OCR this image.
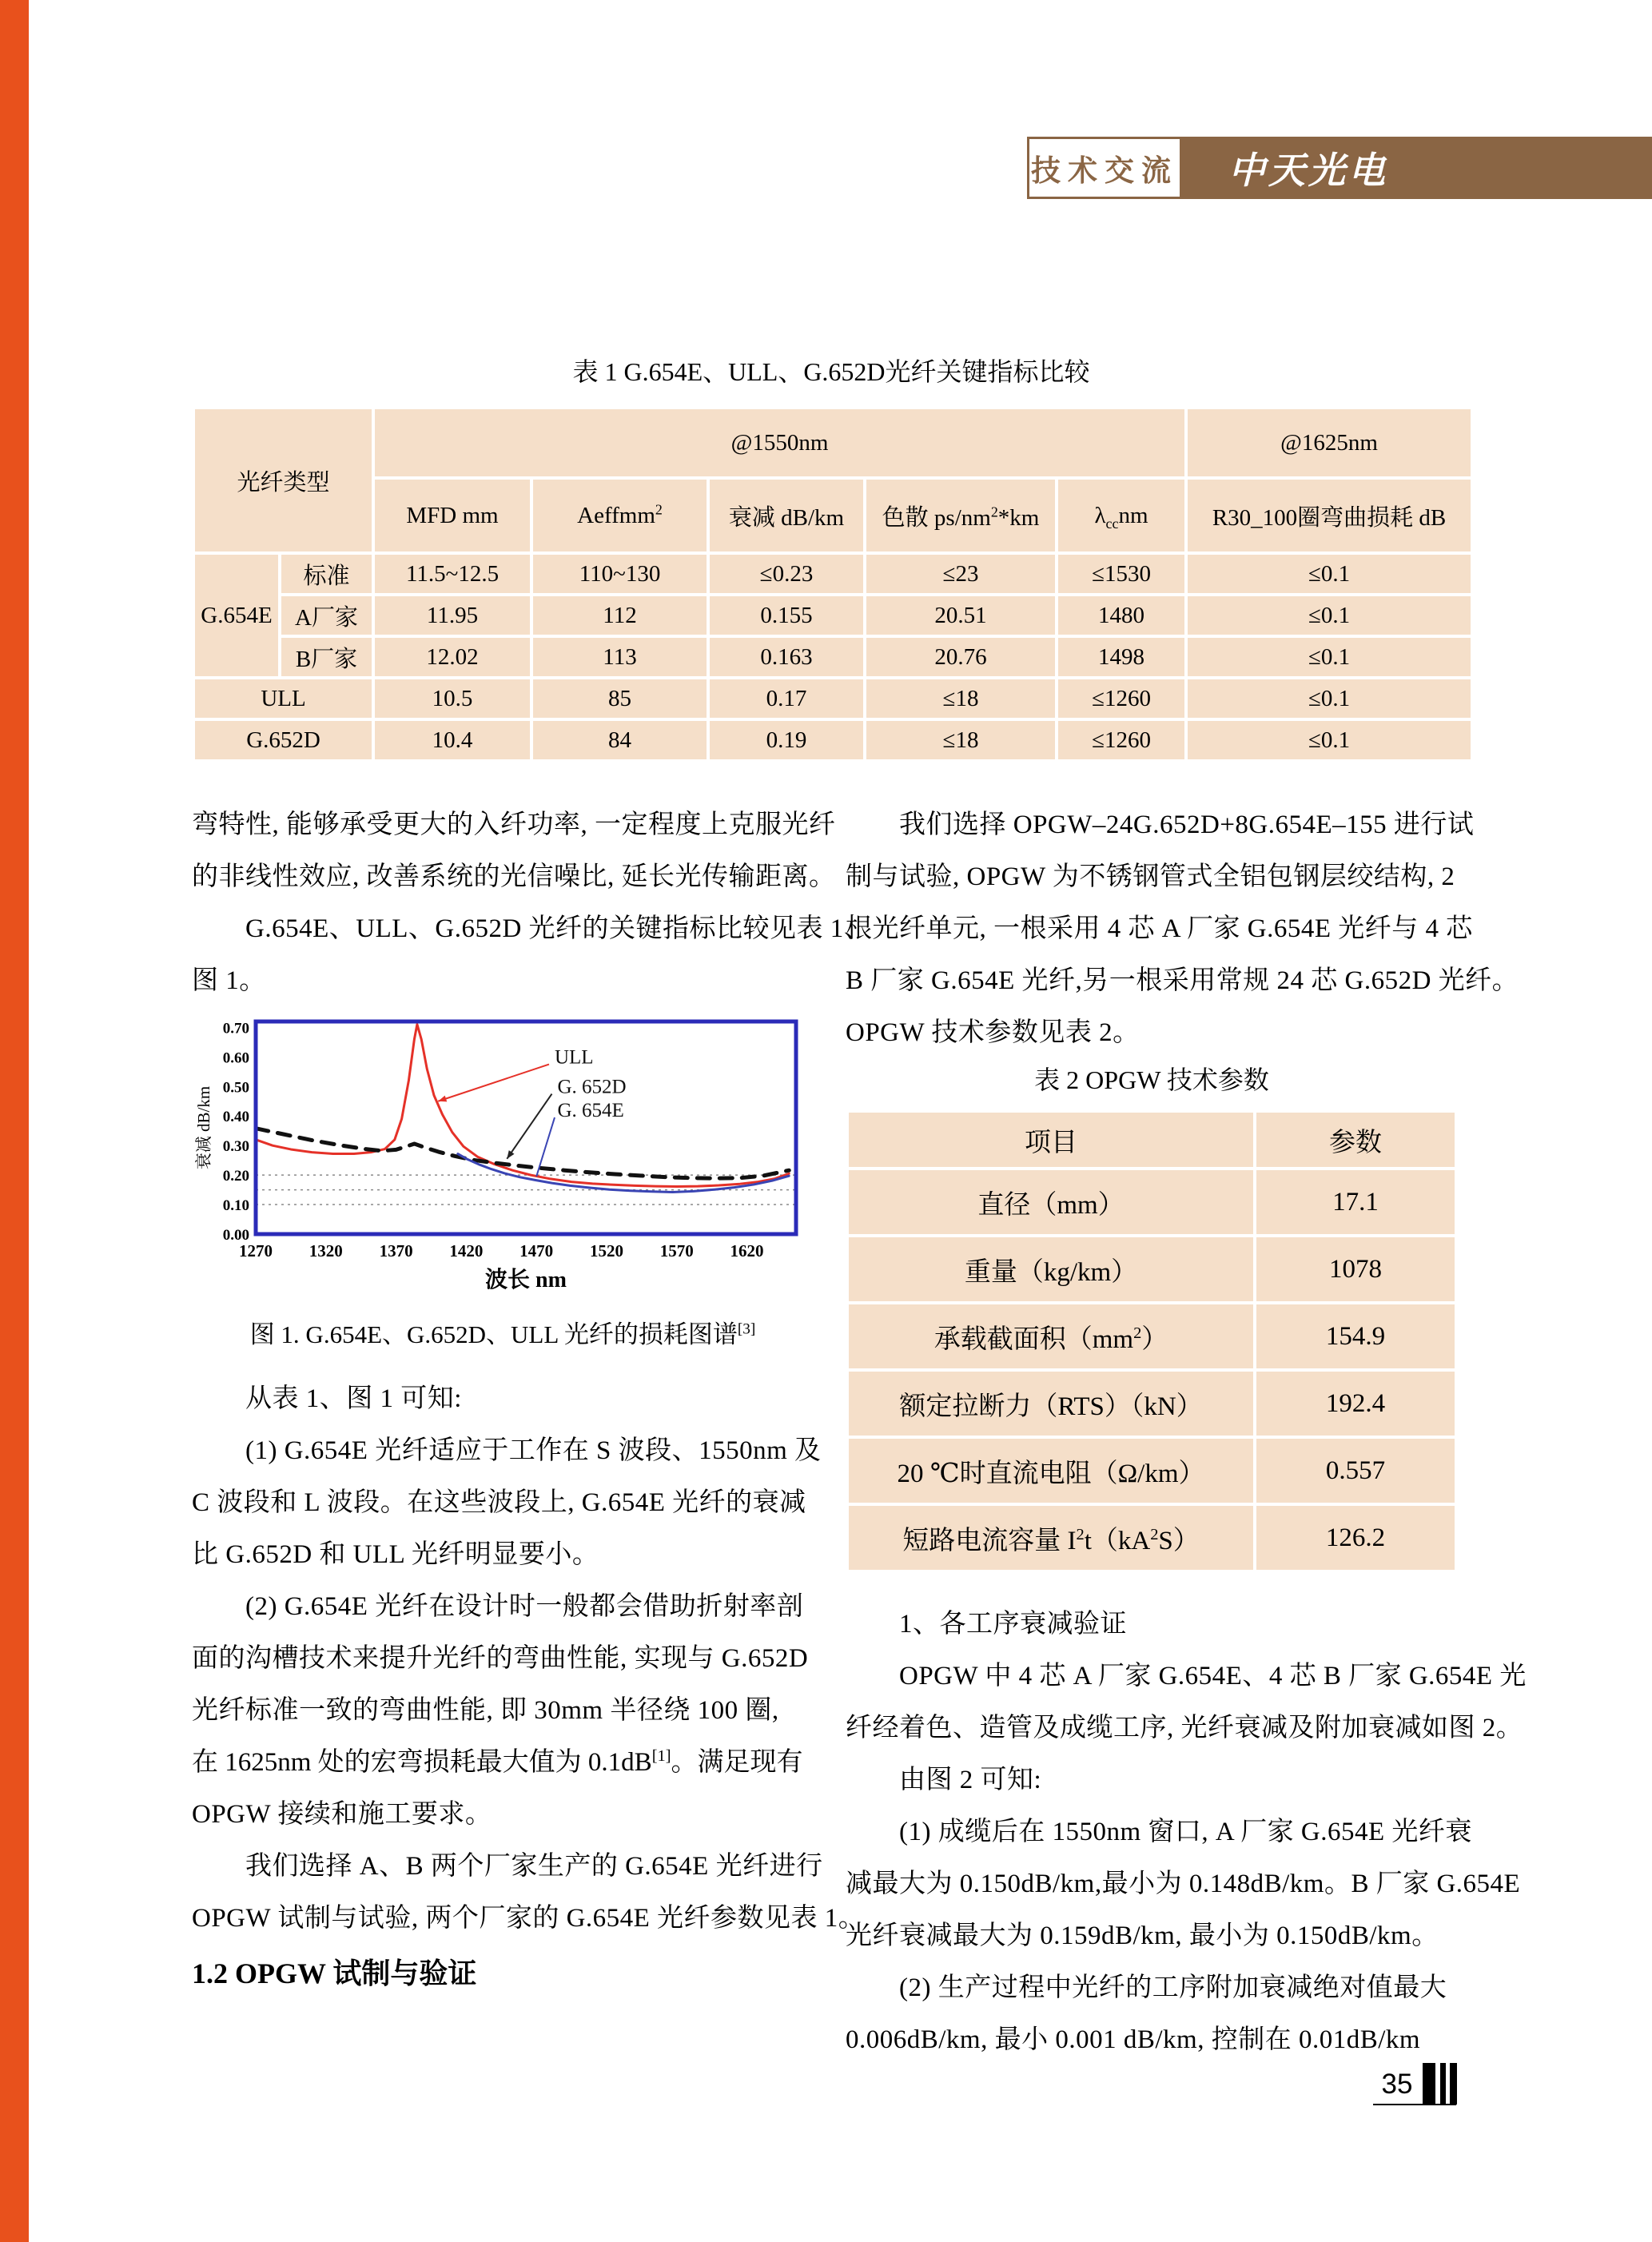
技术交流	中天光电
表 1 G.654E、ULL、G.652D光纤关键指标比较
光纤类型		@1550nm					@1625nm
		MFD mm	Aeffmm$^2$	衰减 dB/km	色散 $ps/nm^2*km$	$\lambda_{cc}nm$	R30_100圈弯曲损耗 dB
G.654E	标准	11.5~12.5	110~130	≤0.23	≤23	≤1530	≤0.1
	A厂家	11.95	112	0.155	20.51	1480	≤0.1
	B厂家	12.02	113	0.163	20.76	1498	≤0.1
ULL		10.5	85	0.17	≤18	≤1260	≤0.1
G.652D		10.4	84	0.19	≤18	≤1260	≤0.1
弯特性, 能够承受更大的入纤功率, 一定程度上克服光纤
的非线性效应, 改善系统的光信噪比, 延长光传输距离。
　　G.654E、ULL、G.652D 光纤的关键指标比较见表 1、
图 1。
0.00
0.10
0.20
0.30
0.40
0.50
0.60
0.70
1270 1320 1370 1420 1470 1520 1570 1620
波长 nm
衰减 dB/km
ULL
G. 652D
G. 654E
图 1. G.654E、G.652D、ULL 光纤的损耗图谱[3]
　　从表 1、图 1 可知:
　　(1) G.654E 光纤适应于工作在 S 波段、1550nm 及
C 波段和 L 波段。在这些波段上, G.654E 光纤的衰减
比 G.652D 和 ULL 光纤明显要小。
　　(2) G.654E 光纤在设计时一般都会借助折射率剖
面的沟槽技术来提升光纤的弯曲性能, 实现与 G.652D
光纤标准一致的弯曲性能, 即 30mm 半径绕 100 圈,
在 1625nm 处的宏弯损耗最大值为 0.1dB[1]。满足现有
OPGW 接续和施工要求。
　　我们选择 A、B 两个厂家生产的 G.654E 光纤进行
OPGW 试制与试验, 两个厂家的 G.654E 光纤参数见表 1。
1.2 OPGW 试制与验证
　　我们选择 OPGW–24G.652D+8G.654E–155 进行试
制与试验, OPGW 为不锈钢管式全铝包钢层绞结构, 2
根光纤单元, 一根采用 4 芯 A 厂家 G.654E 光纤与 4 芯
B 厂家 G.654E 光纤,另一根采用常规 24 芯 G.652D 光纤。
OPGW 技术参数见表 2。
表 2 OPGW 技术参数
项目	参数
直径（mm）	17.1
重量（kg/km）	1078
承载截面积$(mm^2)$	154.9
额定拉断力（RTS）（kN）	192.4
20 ℃时直流电阻（Ω/km）	0.557
短路电流容量 $I^2t(kA^2S)$	126.2
　　1、各工序衰减验证
　　OPGW 中 4 芯 A 厂家 G.654E、4 芯 B 厂家 G.654E 光
纤经着色、造管及成缆工序, 光纤衰减及附加衰减如图 2。
　　由图 2 可知:
　　(1) 成缆后在 1550nm 窗口, A 厂家 G.654E 光纤衰
减最大为 0.150dB/km,最小为 0.148dB/km。B 厂家 G.654E
光纤衰减最大为 0.159dB/km, 最小为 0.150dB/km。
　　(2) 生产过程中光纤的工序附加衰减绝对值最大
0.006dB/km, 最小 0.001 dB/km, 控制在 0.01dB/km
35
